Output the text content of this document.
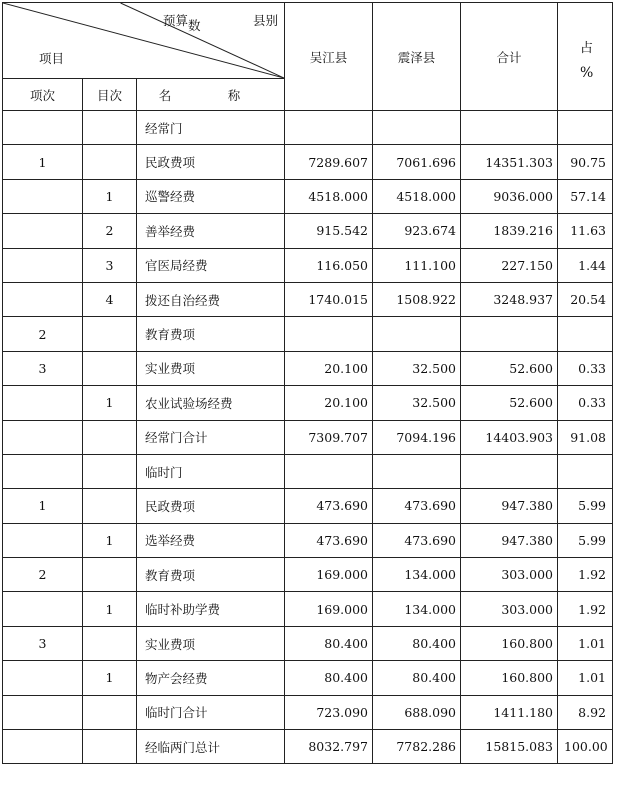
县别
预算数
项目			吴江县	震泽县	合计	占
%

项次	目次	名　称				
		经常门				
1		民政费项	7289.607	7061.696	14351.303	90.75
	1	巡警经费	4518.000	4518.000	9036.000	57.14
	2	善举经费	915.542	923.674	1839.216	11.63
	3	官医局经费	116.050	111.100	227.150	1.44
	4	拨还自治经费	1740.015	1508.922	3248.937	20.54
2		教育费项				
3		实业费项	20.100	32.500	52.600	0.33
	1	农业试验场经费	20.100	32.500	52.600	0.33
		经常门合计	7309.707	7094.196	14403.903	91.08
		临时门				
1		民政费项	473.690	473.690	947.380	5.99
	1	选举经费	473.690	473.690	947.380	5.99
2		教育费项	169.000	134.000	303.000	1.92
	1	临时补助学费	169.000	134.000	303.000	1.92
3		实业费项	80.400	80.400	160.800	1.01
	1	物产会经费	80.400	80.400	160.800	1.01
		临时门合计	723.090	688.090	1411.180	8.92
		经临两门总计	8032.797	7782.286	15815.083	100.00
